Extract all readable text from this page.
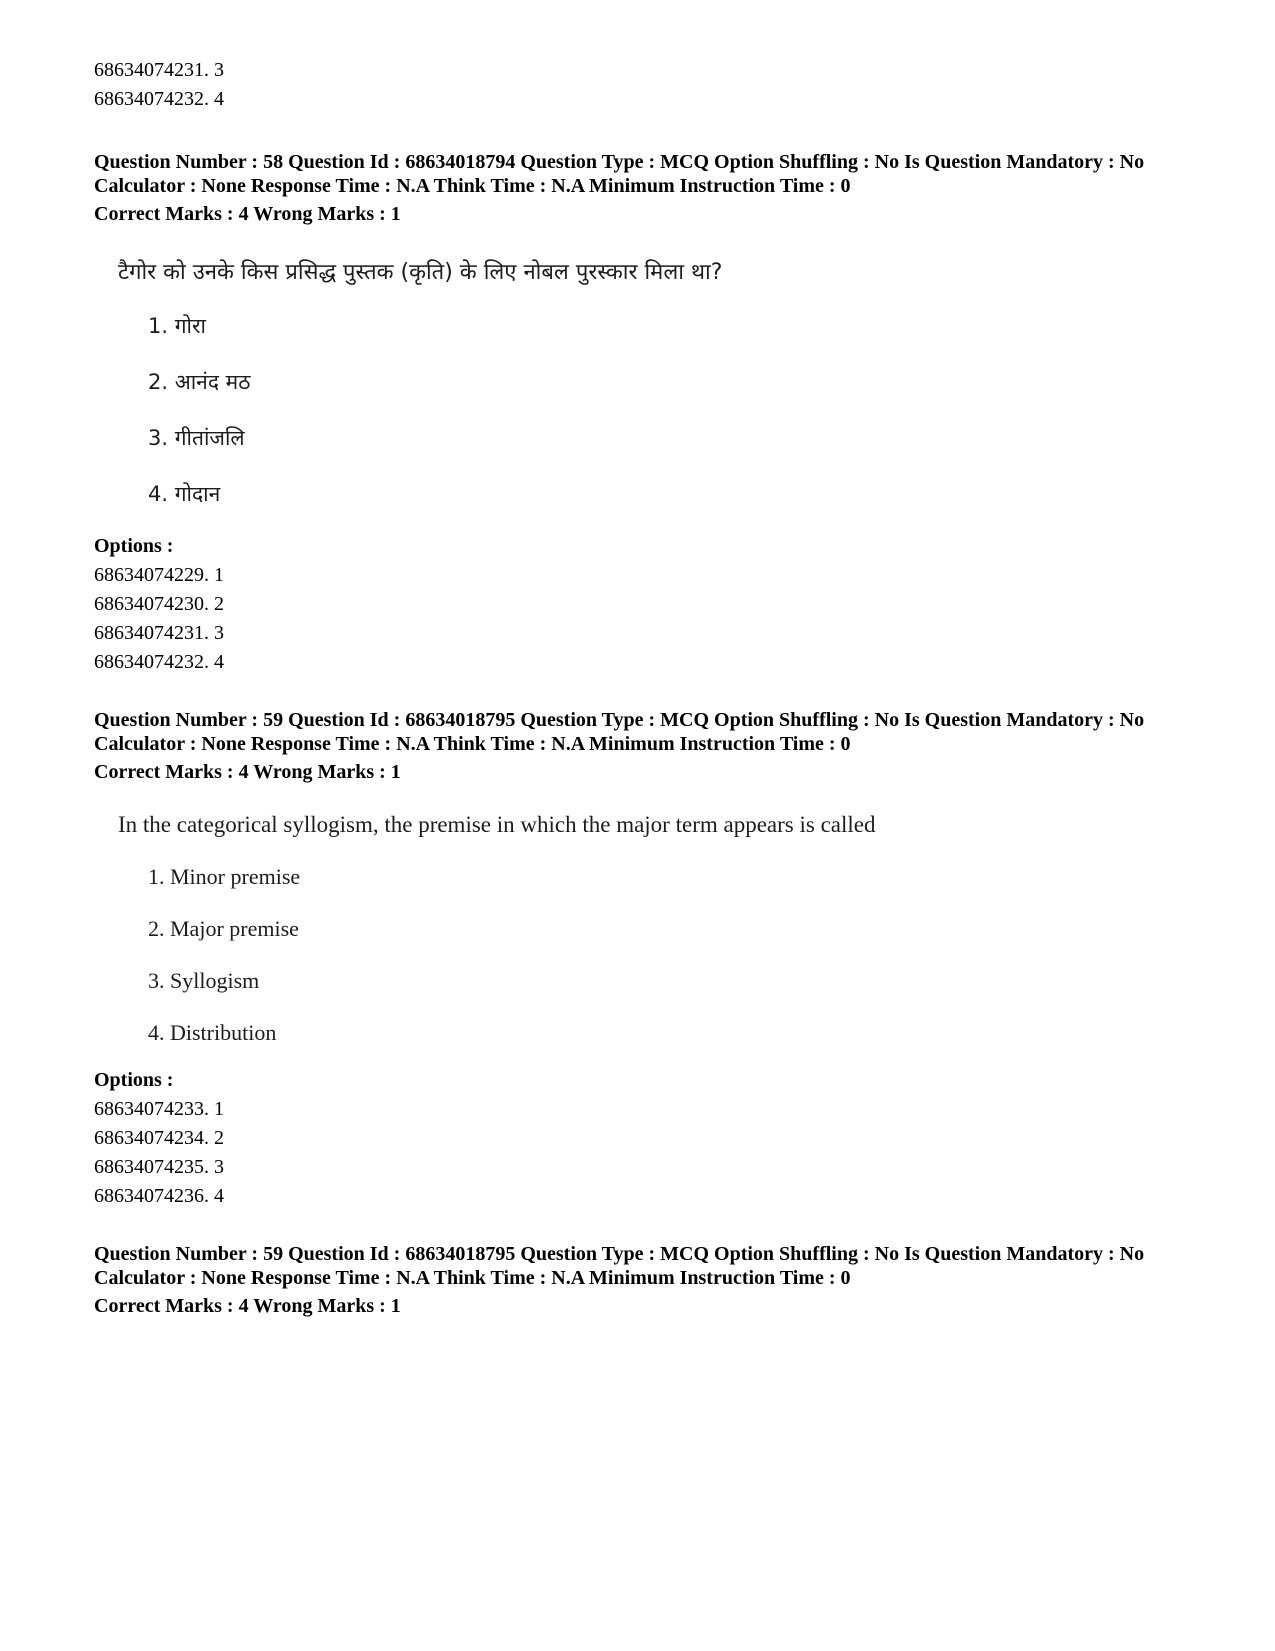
68634074231. 3
68634074232. 4
Question Number : 58 Question Id : 68634018794 Question Type : MCQ Option Shuffling : No Is Question Mandatory : No Calculator : None Response Time : N.A Think Time : N.A Minimum Instruction Time : 0
Correct Marks : 4 Wrong Marks : 1
टैगोर को उनके किस प्रसिद्ध पुस्तक (कृति) के लिए नोबल पुरस्कार मिला था?
1. गोरा
2. आनंद मठ
3. गीतांजलि
4. गोदान
Options :
68634074229. 1
68634074230. 2
68634074231. 3
68634074232. 4
Question Number : 59 Question Id : 68634018795 Question Type : MCQ Option Shuffling : No Is Question Mandatory : No Calculator : None Response Time : N.A Think Time : N.A Minimum Instruction Time : 0
Correct Marks : 4 Wrong Marks : 1
In the categorical syllogism, the premise in which the major term appears is called
1. Minor premise
2. Major premise
3. Syllogism
4. Distribution
Options :
68634074233. 1
68634074234. 2
68634074235. 3
68634074236. 4
Question Number : 59 Question Id : 68634018795 Question Type : MCQ Option Shuffling : No Is Question Mandatory : No Calculator : None Response Time : N.A Think Time : N.A Minimum Instruction Time : 0
Correct Marks : 4 Wrong Marks : 1
